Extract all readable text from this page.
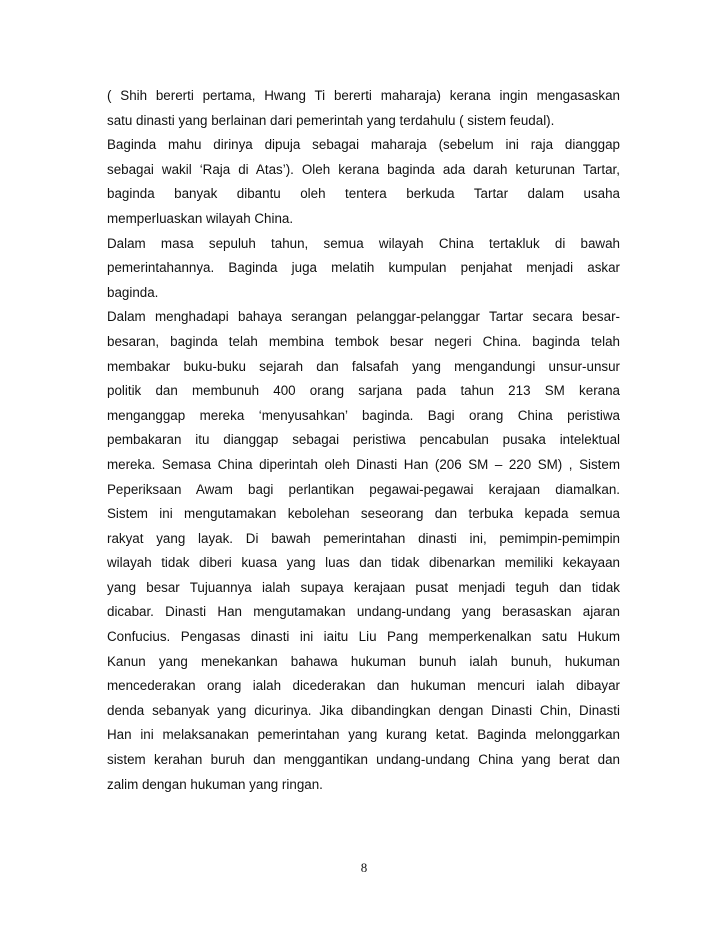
( Shih bererti pertama, Hwang Ti bererti maharaja) kerana ingin mengasaskan
satu dinasti yang berlainan dari pemerintah yang terdahulu ( sistem feudal).
Baginda mahu dirinya dipuja sebagai maharaja (sebelum ini raja dianggap
sebagai wakil ‘Raja di Atas’). Oleh kerana baginda ada darah keturunan Tartar,
baginda banyak dibantu oleh tentera berkuda Tartar dalam usaha
memperluaskan wilayah China.
Dalam masa sepuluh tahun, semua wilayah China tertakluk di bawah
pemerintahannya. Baginda juga melatih kumpulan penjahat menjadi askar
baginda.
Dalam menghadapi bahaya serangan pelanggar-pelanggar Tartar secara besar-
besaran, baginda telah membina tembok besar negeri China. baginda telah
membakar buku-buku sejarah dan falsafah yang mengandungi unsur-unsur
politik dan membunuh 400 orang sarjana pada tahun 213 SM kerana
menganggap mereka ‘menyusahkan’ baginda. Bagi orang China peristiwa
pembakaran itu dianggap sebagai peristiwa pencabulan pusaka intelektual
mereka. Semasa China diperintah oleh Dinasti Han (206 SM – 220 SM) , Sistem
Peperiksaan Awam bagi perlantikan pegawai-pegawai kerajaan diamalkan.
Sistem ini mengutamakan kebolehan seseorang dan terbuka kepada semua
rakyat yang layak. Di bawah pemerintahan dinasti ini, pemimpin-pemimpin
wilayah tidak diberi kuasa yang luas dan tidak dibenarkan memiliki kekayaan
yang besar Tujuannya ialah supaya kerajaan pusat menjadi teguh dan tidak
dicabar. Dinasti Han mengutamakan undang-undang yang berasaskan ajaran
Confucius. Pengasas dinasti ini iaitu Liu Pang memperkenalkan satu Hukum
Kanun yang menekankan bahawa hukuman bunuh ialah bunuh, hukuman
mencederakan orang ialah dicederakan dan hukuman mencuri ialah dibayar
denda sebanyak yang dicurinya. Jika dibandingkan dengan Dinasti Chin, Dinasti
Han ini melaksanakan pemerintahan yang kurang ketat. Baginda melonggarkan
sistem kerahan buruh dan menggantikan undang-undang China yang berat dan
zalim dengan hukuman yang ringan.
8
